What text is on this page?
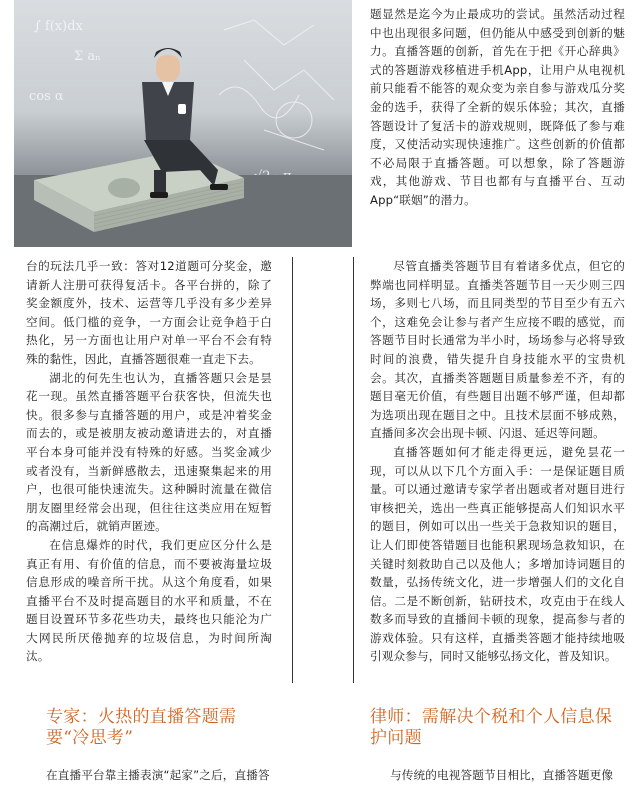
∫ f(x)dx
Σ aₙ
cos α

台的玩法几乎一致：答对12道题可分奖金，邀请新人注册可获得复活卡。各平台拼的，除了奖金额度外，技术、运营等几乎没有多少差异空间。低门槛的竞争，一方面会让竞争趋于白热化，另一方面也让用户对单一平台不会有特殊的黏性，因此，直播答题很难一直走下去。

湖北的何先生也认为，直播答题只会是昙花一现。虽然直播答题平台获客快，但流失也快。很多参与直播答题的用户，或是冲着奖金而去的，或是被朋友被动邀请进去的，对直播平台本身可能并没有特殊的好感。当奖金减少或者没有，当新鲜感散去，迅速聚集起来的用户，也很可能快速流失。这种瞬时流量在微信朋友圈里经常会出现，但往往这类应用在短暂的高潮过后，就销声匿迹。

在信息爆炸的时代，我们更应区分什么是真正有用、有价值的信息，而不要被海量垃圾信息形成的噪音所干扰。从这个角度看，如果直播平台不及时提高题目的水平和质量，不在题目设置环节多花些功夫，最终也只能沦为广大网民所厌倦抛弃的垃圾信息，为时间所淘汰。

题显然是迄今为止最成功的尝试。虽然活动过程中也出现很多问题，但仍能从中感受到创新的魅力。直播答题的创新，首先在于把《开心辞典》式的答题游戏移植进手机App，让用户从电视机前只能看不能答的观众变为亲自参与游戏瓜分奖金的选手，获得了全新的娱乐体验；其次，直播答题设计了复活卡的游戏规则，既降低了参与难度，又使活动实现快速推广。这些创新的价值都不必局限于直播答题。可以想象，除了答题游戏，其他游戏、节目也都有与直播平台、互动App“联姻”的潜力。

尽管直播类答题节目有着诸多优点，但它的弊端也同样明显。直播类答题节目一天少则三四场，多则七八场，而且同类型的节目至少有五六个，这难免会让参与者产生应接不暇的感觉，而答题节目时长通常为半小时，场场参与必将导致时间的浪费，错失提升自身技能水平的宝贵机会。其次，直播类答题题目质量参差不齐，有的题目毫无价值，有些题目出题不够严谨，但却都为选项出现在题目之中。且技术层面不够成熟，直播间多次会出现卡顿、闪退、延迟等问题。

直播答题如何才能走得更远，避免昙花一现，可以从以下几个方面入手：一是保证题目质量。可以通过邀请专家学者出题或者对题目进行审核把关，选出一些真正能够提高人们知识水平的题目，例如可以出一些关于急救知识的题目，让人们即使答错题目也能积累现场急救知识，在关键时刻救助自己以及他人；多增加诗词题目的数量，弘扬传统文化，进一步增强人们的文化自信。二是不断创新，钻研技术，攻克由于在线人数多而导致的直播间卡顿的现象，提高参与者的游戏体验。只有这样，直播类答题才能持续地吸引观众参与，同时又能够弘扬文化，普及知识。

专家：火热的直播答题需要“冷思考”
律师：需解决个税和个人信息保护问题
在直播平台靠主播表演“起家”之后，直播答	与传统的电视答题节目相比，直播答题更像
